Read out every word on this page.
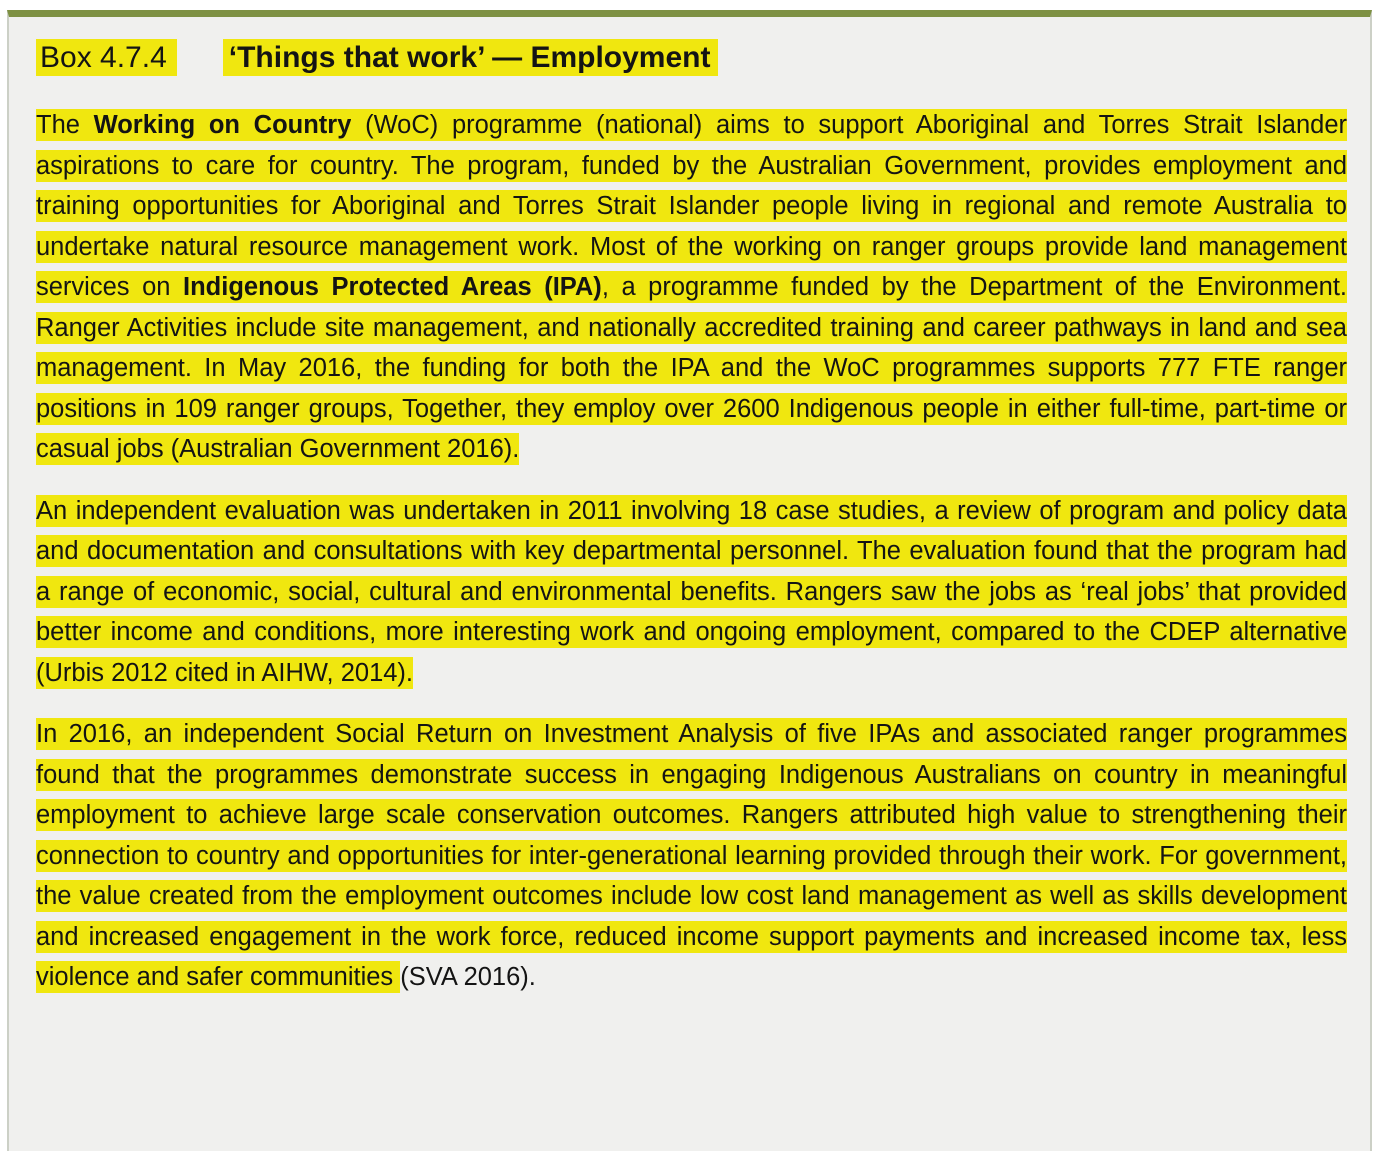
Box 4.7.4 ‘Things that work’ — Employment

The Working on Country (WoC) programme (national) aims to support Aboriginal and Torres Strait Islander aspirations to care for country. The program, funded by the Australian Government, provides employment and training opportunities for Aboriginal and Torres Strait Islander people living in regional and remote Australia to undertake natural resource management work. Most of the working on ranger groups provide land management services on Indigenous Protected Areas (IPA), a programme funded by the Department of the Environment. Ranger Activities include site management, and nationally accredited training and career pathways in land and sea management. In May 2016, the funding for both the IPA and the WoC programmes supports 777 FTE ranger positions in 109 ranger groups, Together, they employ over 2600 Indigenous people in either full-time, part-time or casual jobs (Australian Government 2016).

An independent evaluation was undertaken in 2011 involving 18 case studies, a review of program and policy data and documentation and consultations with key departmental personnel. The evaluation found that the program had a range of economic, social, cultural and environmental benefits. Rangers saw the jobs as ‘real jobs’ that provided better income and conditions, more interesting work and ongoing employment, compared to the CDEP alternative (Urbis 2012 cited in AIHW, 2014).

In 2016, an independent Social Return on Investment Analysis of five IPAs and associated ranger programmes found that the programmes demonstrate success in engaging Indigenous Australians on country in meaningful employment to achieve large scale conservation outcomes. Rangers attributed high value to strengthening their connection to country and opportunities for inter-generational learning provided through their work. For government, the value created from the employment outcomes include low cost land management as well as skills development and increased engagement in the work force, reduced income support payments and increased income tax, less violence and safer communities (SVA 2016).
